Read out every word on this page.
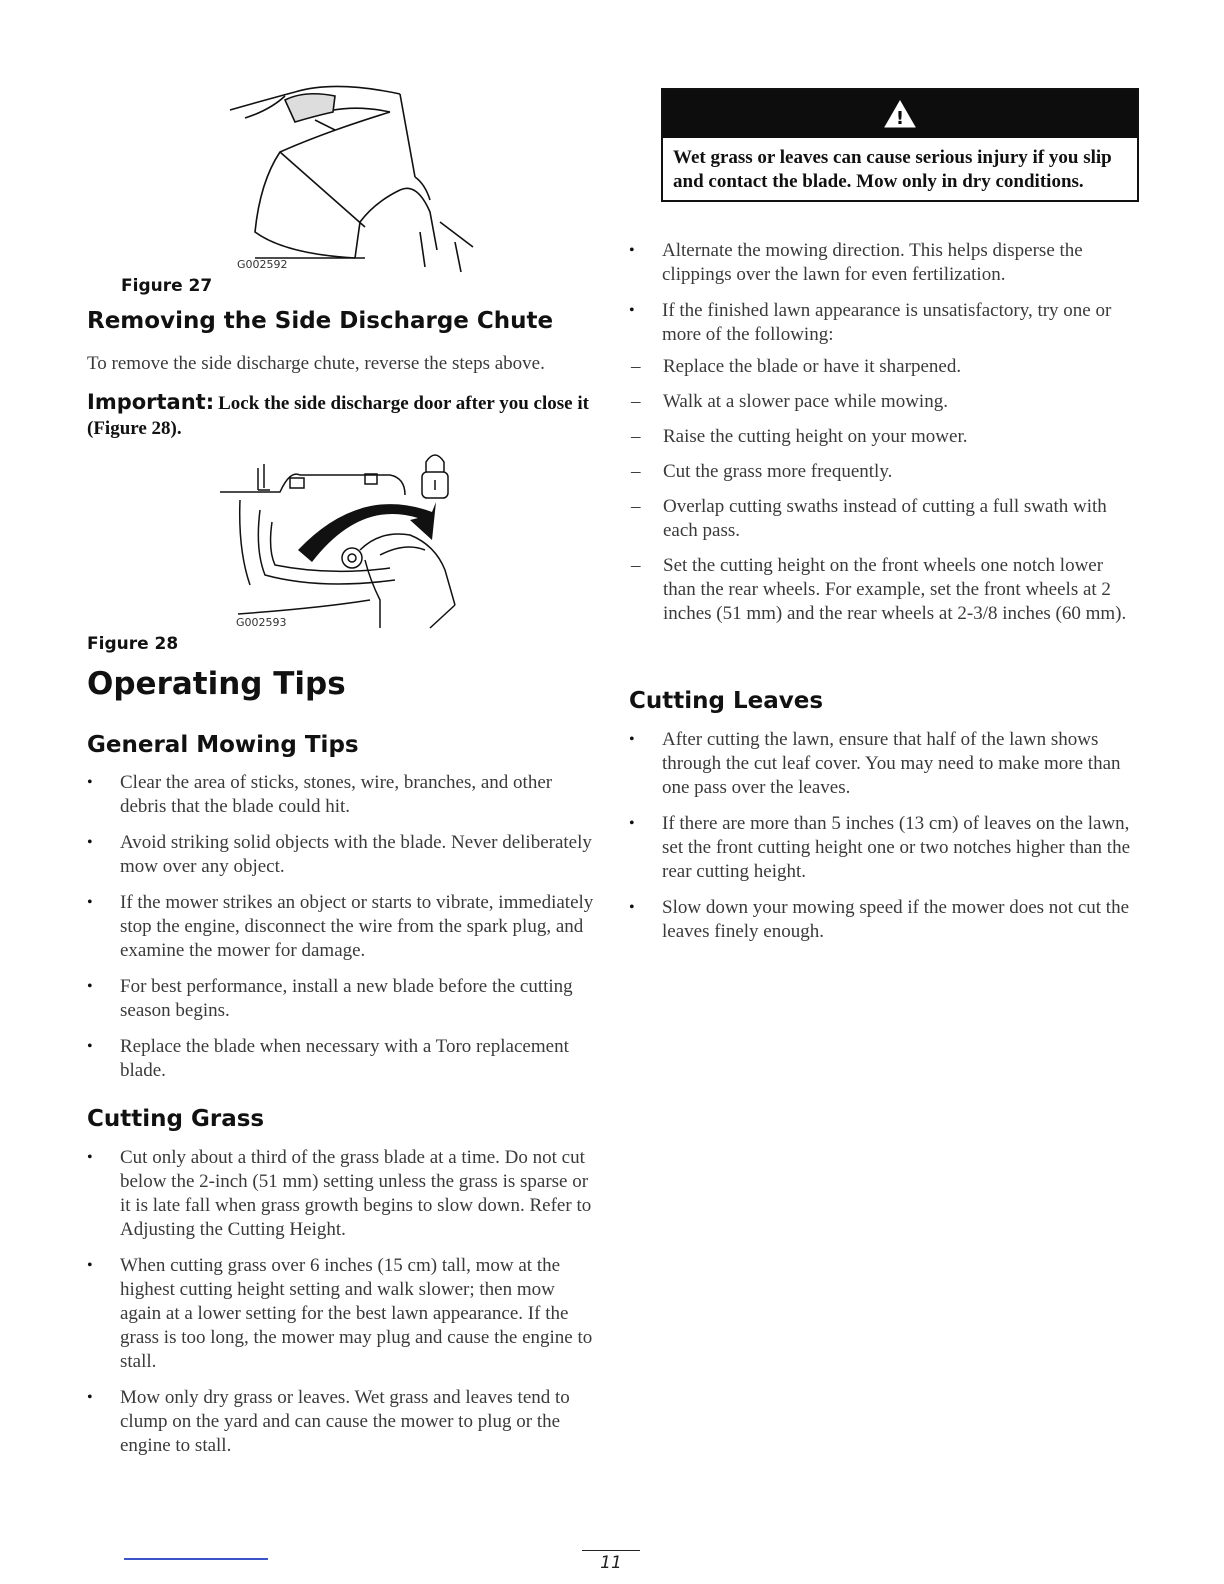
G002592
Figure 27
Removing the Side Discharge Chute
To remove the side discharge chute, reverse the steps above.
Important: Lock the side discharge door after you close it (Figure 28).
G002593
Figure 28
Operating Tips
General Mowing Tips
• Clear the area of sticks, stones, wire, branches, and other debris that the blade could hit.
• Avoid striking solid objects with the blade. Never deliberately mow over any object.
• If the mower strikes an object or starts to vibrate, immediately stop the engine, disconnect the wire from the spark plug, and examine the mower for damage.
• For best performance, install a new blade before the cutting season begins.
• Replace the blade when necessary with a Toro replacement blade.
Cutting Grass
• Cut only about a third of the grass blade at a time. Do not cut below the 2-inch (51 mm) setting unless the grass is sparse or it is late fall when grass growth begins to slow down. Refer to Adjusting the Cutting Height.
• When cutting grass over 6 inches (15 cm) tall, mow at the highest cutting height setting and walk slower; then mow again at a lower setting for the best lawn appearance. If the grass is too long, the mower may plug and cause the engine to stall.
• Mow only dry grass or leaves. Wet grass and leaves tend to clump on the yard and can cause the mower to plug or the engine to stall.
!
Wet grass or leaves can cause serious injury if you slip and contact the blade. Mow only in dry conditions.
• Alternate the mowing direction. This helps disperse the clippings over the lawn for even fertilization.
• If the finished lawn appearance is unsatisfactory, try one or more of the following:
– Replace the blade or have it sharpened.
– Walk at a slower pace while mowing.
– Raise the cutting height on your mower.
– Cut the grass more frequently.
– Overlap cutting swaths instead of cutting a full swath with each pass.
– Set the cutting height on the front wheels one notch lower than the rear wheels. For example, set the front wheels at 2 inches (51 mm) and the rear wheels at 2-3/8 inches (60 mm).
Cutting Leaves
• After cutting the lawn, ensure that half of the lawn shows through the cut leaf cover. You may need to make more than one pass over the leaves.
• If there are more than 5 inches (13 cm) of leaves on the lawn, set the front cutting height one or two notches higher than the rear cutting height.
• Slow down your mowing speed if the mower does not cut the leaves finely enough.
11
